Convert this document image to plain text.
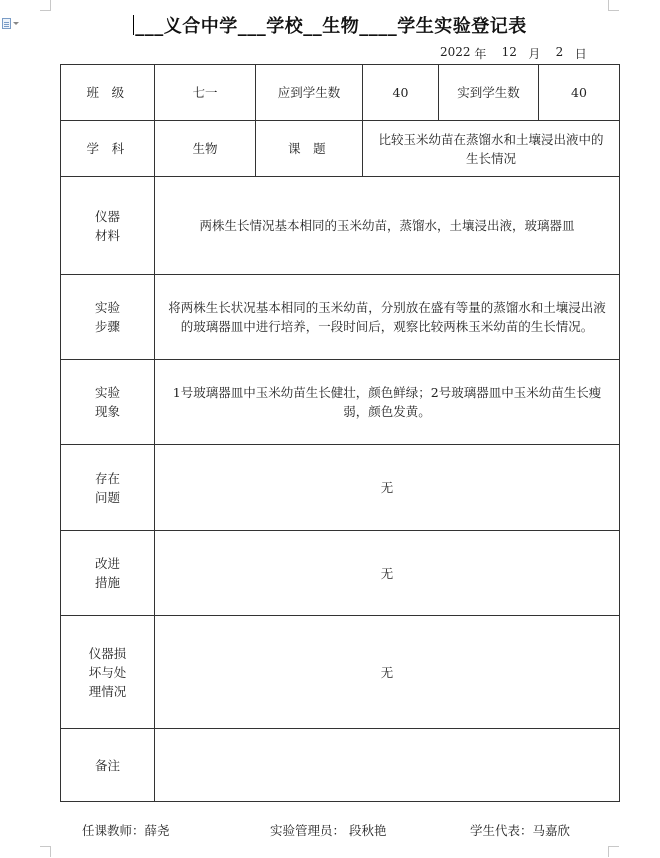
___义合中学___学校__生物____学生实验登记表
2022
年
12
月
2
日
班 级	七一	应到学生数	40	实到学生数	40
学 科	生物	课 题	比较玉米幼苗在蒸馏水和土壤浸出液中的生长情况		

仪器
材料	两株生长情况基本相同的玉米幼苗，蒸馏水，土壤浸出液，玻璃器皿				

实验
步骤	将两株生长状况基本相同的玉米幼苗，分别放在盛有等量的蒸馏水和土壤浸出液的玻璃器皿中进行培养，一段时间后，观察比较两株玉米幼苗的生长情况。				

实验
现象	1号玻璃器皿中玉米幼苗生长健壮，颜色鲜绿；2号玻璃器皿中玉米幼苗生长瘦弱，颜色发黄。				

存在
问题	无				

改进
措施	无				

仪器损
坏与处
理情况	无				
备注					
任课教师：薛尧	实验管理员： 段秋艳	学生代表：马嘉欣
